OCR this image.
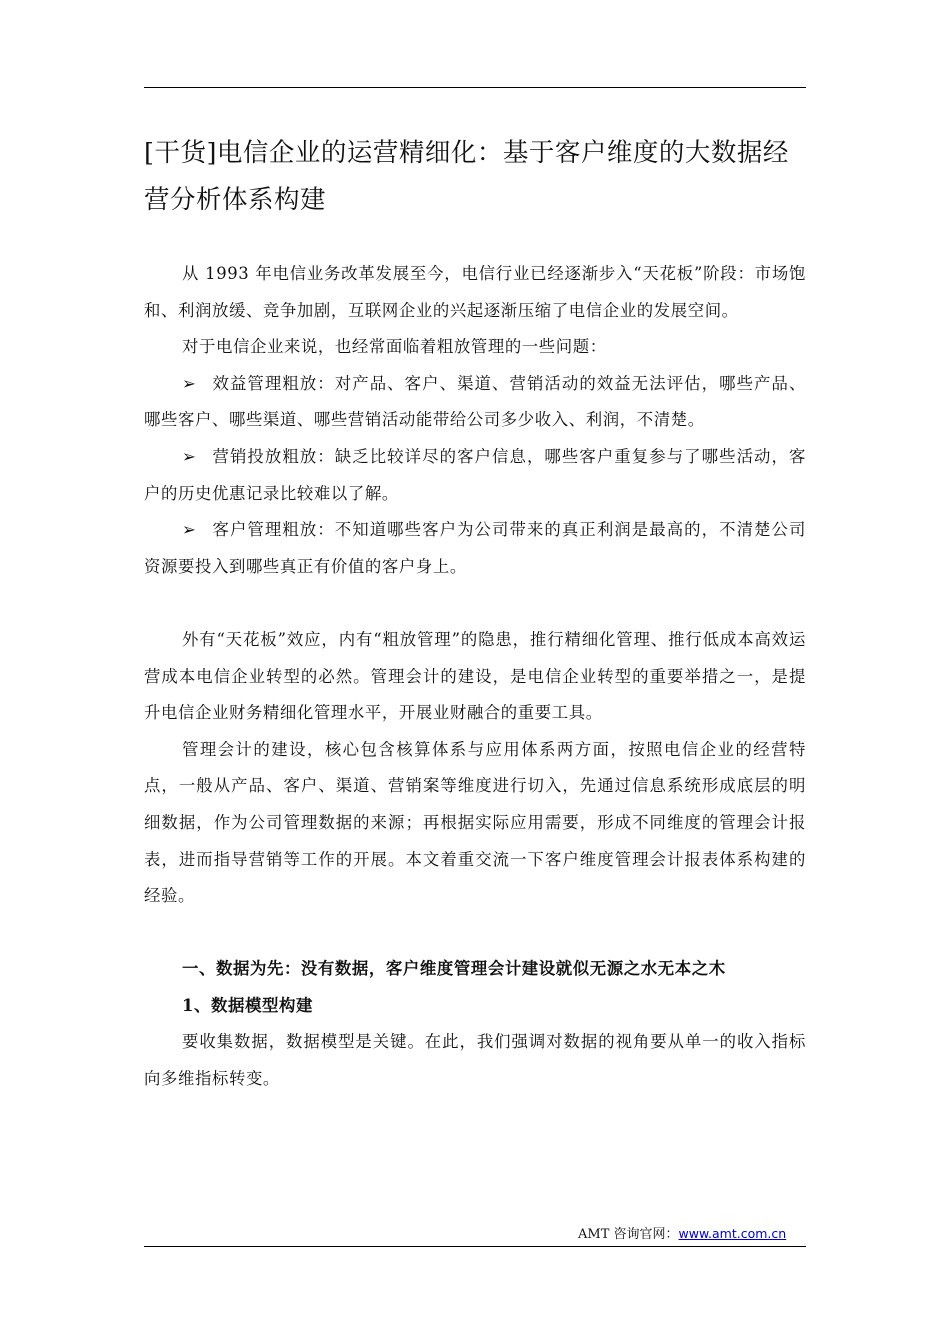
[干货]电信企业的运营精细化：基于客户维度的大数据经营分析体系构建

从 1993 年电信业务改革发展至今，电信行业已经逐渐步入“天花板”阶段：市场饱和、利润放缓、竞争加剧，互联网企业的兴起逐渐压缩了电信企业的发展空间。

对于电信企业来说，也经常面临着粗放管理的一些问题：

➢ 效益管理粗放：对产品、客户、渠道、营销活动的效益无法评估，哪些产品、哪些客户、哪些渠道、哪些营销活动能带给公司多少收入、利润，不清楚。

➢ 营销投放粗放：缺乏比较详尽的客户信息，哪些客户重复参与了哪些活动，客户的历史优惠记录比较难以了解。

➢ 客户管理粗放：不知道哪些客户为公司带来的真正利润是最高的，不清楚公司资源要投入到哪些真正有价值的客户身上。

外有“天花板”效应，内有“粗放管理”的隐患，推行精细化管理、推行低成本高效运营成本电信企业转型的必然。管理会计的建设，是电信企业转型的重要举措之一，是提升电信企业财务精细化管理水平，开展业财融合的重要工具。

管理会计的建设，核心包含核算体系与应用体系两方面，按照电信企业的经营特点，一般从产品、客户、渠道、营销案等维度进行切入，先通过信息系统形成底层的明细数据，作为公司管理数据的来源；再根据实际应用需要，形成不同维度的管理会计报表，进而指导营销等工作的开展。本文着重交流一下客户维度管理会计报表体系构建的经验。

一、数据为先：没有数据，客户维度管理会计建设就似无源之水无本之木

1、数据模型构建

要收集数据，数据模型是关键。在此，我们强调对数据的视角要从单一的收入指标向多维指标转变。

AMT 咨询官网：www.amt.com.cn
